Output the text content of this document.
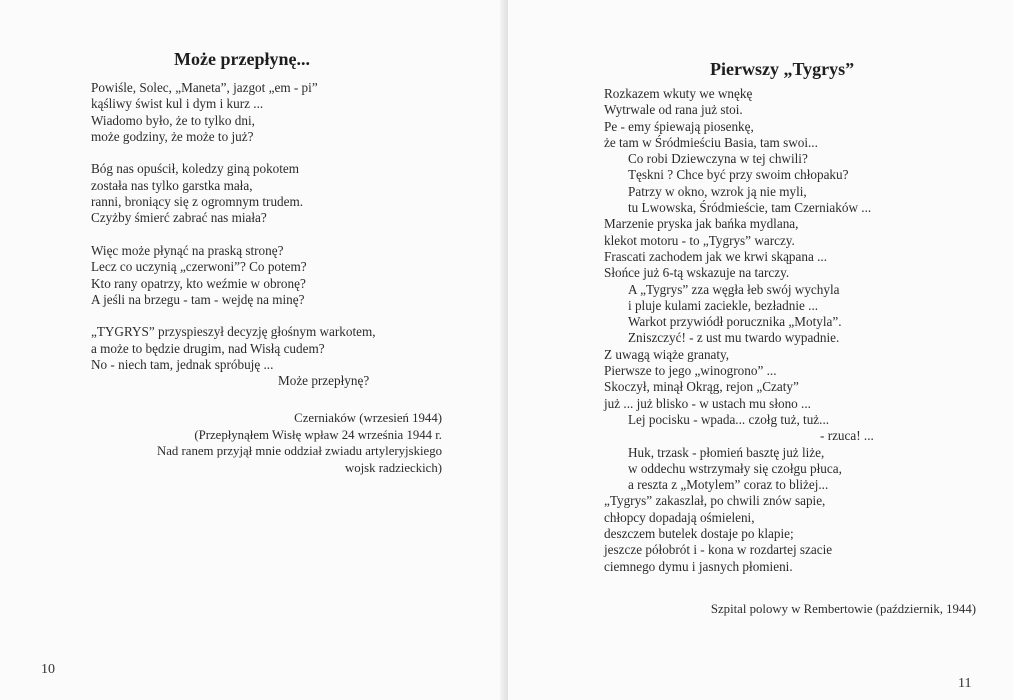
Może przepłynę...
Powiśle, Solec, „Maneta”, jazgot „em - pi”
kąśliwy świst kul i dym i kurz ...
Wiadomo było, że to tylko dni,
może godziny, że może to już?
Bóg nas opuścił, koledzy giną pokotem
została nas tylko garstka mała,
ranni, broniący się z ogromnym trudem.
Czyżby śmierć zabrać nas miała?
Więc może płynąć na praską stronę?
Lecz co uczynią „czerwoni”? Co potem?
Kto rany opatrzy, kto weźmie w obronę?
A jeśli na brzegu - tam - wejdę na minę?
„TYGRYS” przyspieszył decyzję głośnym warkotem,
a może to będzie drugim, nad Wisłą cudem?
No - niech tam, jednak spróbuję ...
Może przepłynę?
Czerniaków (wrzesień 1944)
(Przepłynąłem Wisłę wpław 24 września 1944 r.
Nad ranem przyjął mnie oddział zwiadu artyleryjskiego
wojsk radzieckich)
10
Pierwszy „Tygrys”
Rozkazem wkuty we wnękę
Wytrwale od rana już stoi.
Pe - emy śpiewają piosenkę,
że tam w Śródmieściu Basia, tam swoi...
Co robi Dziewczyna w tej chwili?
Tęskni ? Chce być przy swoim chłopaku?
Patrzy w okno, wzrok ją nie myli,
tu Lwowska, Śródmieście, tam Czerniaków ...
Marzenie pryska jak bańka mydlana,
klekot motoru - to „Tygrys” warczy.
Frascati zachodem jak we krwi skąpana ...
Słońce już 6-tą wskazuje na tarczy.
A „Tygrys” zza węgła łeb swój wychyla
i pluje kulami zaciekle, bezładnie ...
Warkot przywiódł porucznika „Motyla”.
Zniszczyć! - z ust mu twardo wypadnie.
Z uwagą wiąże granaty,
Pierwsze to jego „winogrono” ...
Skoczył, minął Okrąg, rejon „Czaty”
już ... już blisko - w ustach mu słono ...
Lej pocisku - wpada... czołg tuż, tuż...
- rzuca! ...
Huk, trzask - płomień basztę już liże,
w oddechu wstrzymały się czołgu płuca,
a reszta z „Motylem” coraz to bliżej...
„Tygrys” zakaszlał, po chwili znów sapie,
chłopcy dopadają ośmieleni,
deszczem butelek dostaje po klapie;
jeszcze półobrót i - kona w rozdartej szacie
ciemnego dymu i jasnych płomieni.
Szpital polowy w Rembertowie (październik, 1944)
11
